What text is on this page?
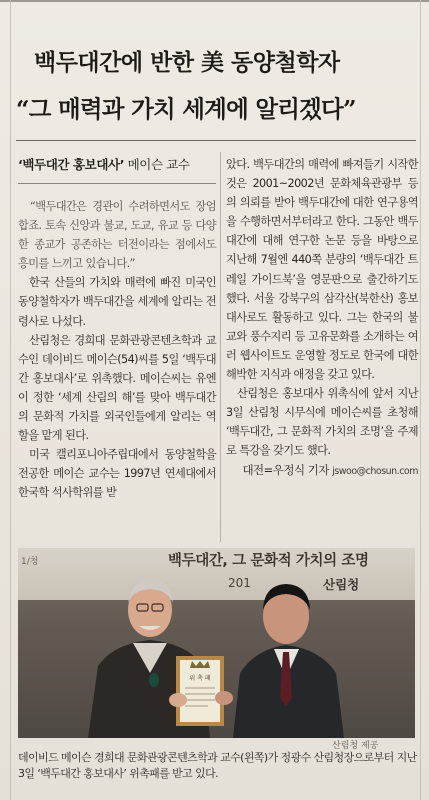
백두대간에 반한 美 동양철학자
“그 매력과 가치 세계에 알리겠다”
‘백두대간 홍보대사’ 메이슨 교수

“백두대간은 경관이 수려하면서도 장엄합죠. 토속 신앙과 불교, 도교, 유교 등 다양한 종교가 공존하는 터전이라는 점에서도 흥미를 느끼고 있습니다.”

한국 산들의 가치와 매력에 빠진 미국인 동양철학자가 백두대간을 세계에 알리는 전령사로 나섰다.

산림청은 경희대 문화관광콘텐츠학과 교수인 데이비드 메이슨(54)씨를 5일 ‘백두대간 홍보대사’로 위촉했다. 메이슨씨는 유엔이 정한 ‘세계 산림의 해’를 맞아 백두대간의 문화적 가치를 외국인들에게 알리는 역할을 맡게 된다.

미국 캘리포니아주립대에서 동양철학을 전공한 메이슨 교수는 1997년 연세대에서 한국학 석사학위를 받

았다. 백두대간의 매력에 빠져들기 시작한 것은 2001~2002년 문화체육관광부 등의 의뢰를 받아 백두대간에 대한 연구용역을 수행하면서부터라고 한다. 그동안 백두대간에 대해 연구한 논문 등을 바탕으로 지난해 7월엔 440쪽 분량의 ‘백두대간 트레일 가이드북’을 영문판으로 출간하기도 했다. 서울 강북구의 삼각산(북한산) 홍보대사로도 활동하고 있다. 그는 한국의 불교와 풍수지리 등 고유문화를 소개하는 여러 웹사이트도 운영할 정도로 한국에 대한 해박한 지식과 애정을 갖고 있다.

산림청은 홍보대사 위촉식에 앞서 지난 3일 산림청 시무식에 메이슨씨를 초청해 ‘백두대간, 그 문화적 가치의 조명’을 주제로 특강을 갖기도 했다.

대전=우정식 기자 jswoo@chosun.com
1/청	백두대간, 그 문화적 가치의 조명
201	산림청
위 촉 패
산림청 제공
데이비드 메이슨 경희대 문화관광콘텐츠학과 교수(왼쪽)가 정광수 산림청장으로부터 지난 3일 ‘백두대간 홍보대사’ 위촉패를 받고 있다.
